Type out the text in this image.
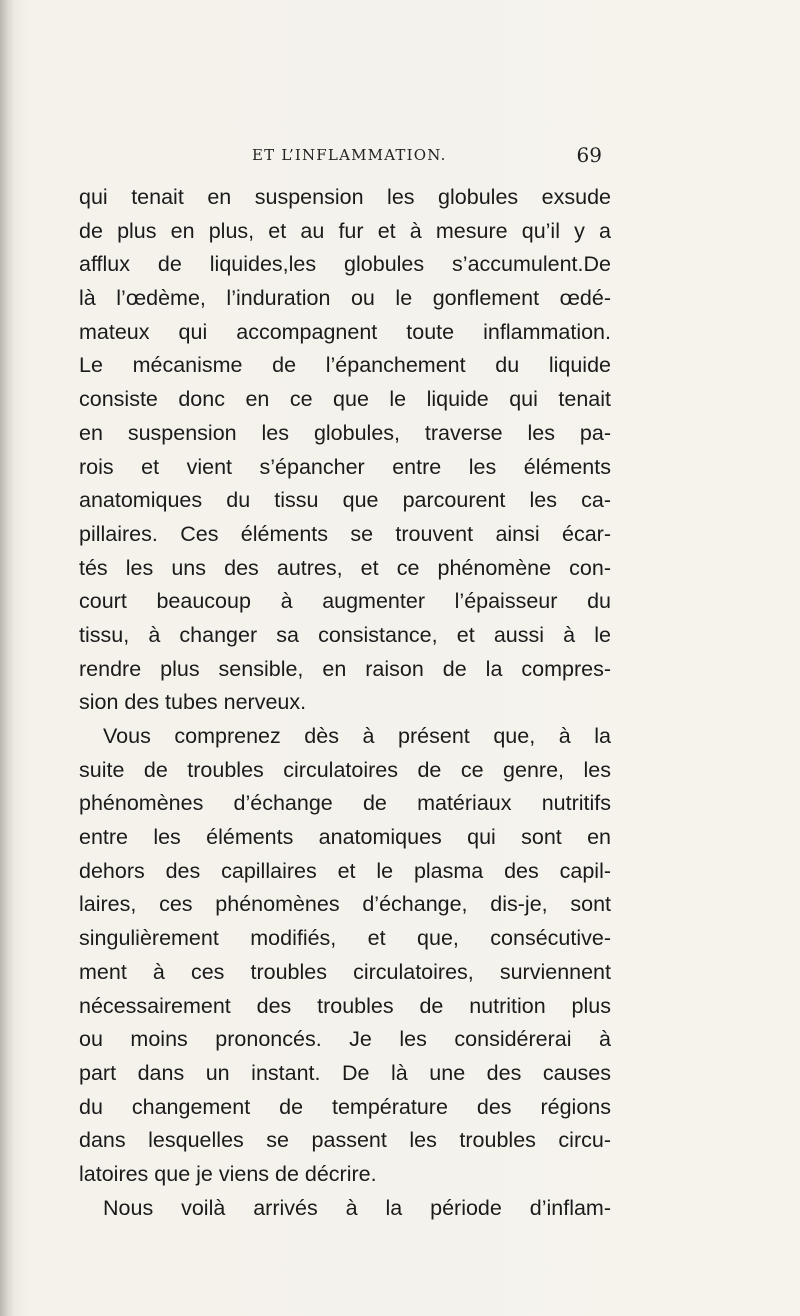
ET L’INFLAMMATION.	69
qui tenait en suspension les globules exsude
de plus en plus, et au fur et à mesure qu’il y a
afflux de liquides,les globules s’accumulent.De
là l’œdème, l’induration ou le gonflement œdé-
mateux qui accompagnent toute inflammation.
Le mécanisme de l’épanchement du liquide
consiste donc en ce que le liquide qui tenait
en suspension les globules, traverse les pa-
rois et vient s’épancher entre les éléments
anatomiques du tissu que parcourent les ca-
pillaires. Ces éléments se trouvent ainsi écar-
tés les uns des autres, et ce phénomène con-
court beaucoup à augmenter l’épaisseur du
tissu, à changer sa consistance, et aussi à le
rendre plus sensible, en raison de la compres-
sion des tubes nerveux.
Vous comprenez dès à présent que, à la
suite de troubles circulatoires de ce genre, les
phénomènes d’échange de matériaux nutritifs
entre les éléments anatomiques qui sont en
dehors des capillaires et le plasma des capil-
laires, ces phénomènes d’échange, dis-je, sont
singulièrement modifiés, et que, consécutive-
ment à ces troubles circulatoires, surviennent
nécessairement des troubles de nutrition plus
ou moins prononcés. Je les considérerai à
part dans un instant. De là une des causes
du changement de température des régions
dans lesquelles se passent les troubles circu-
latoires que je viens de décrire.
Nous voilà arrivés à la période d’inflam-
